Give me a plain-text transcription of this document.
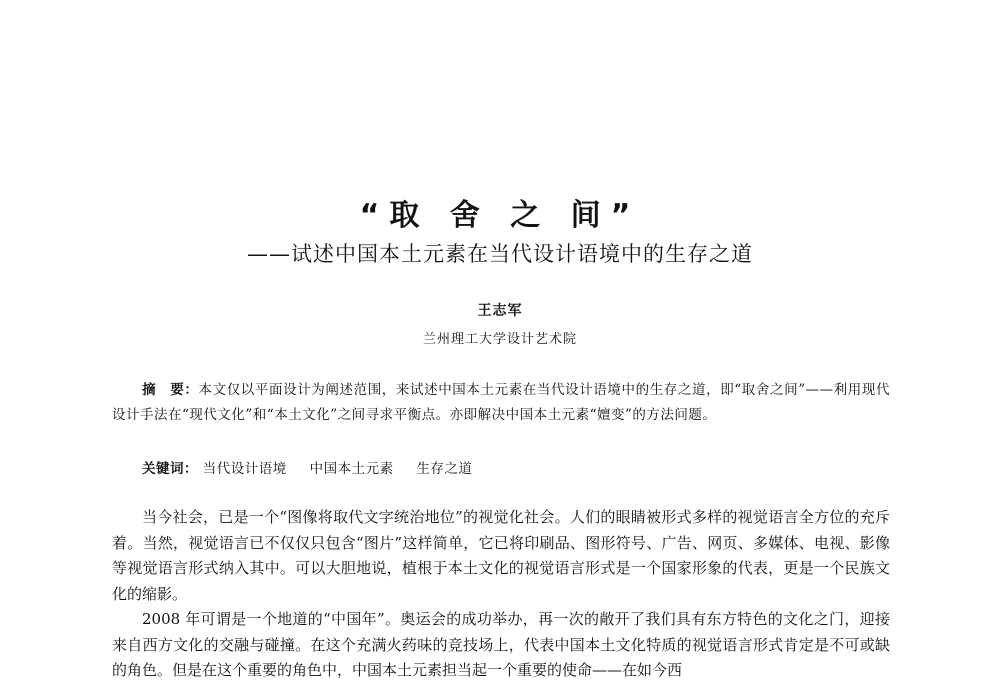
“取 舍 之 间”
——试述中国本土元素在当代设计语境中的生存之道
王志军
兰州理工大学设计艺术院

摘　要：本文仅以平面设计为阐述范围，来试述中国本土元素在当代设计语境中的生存之道，即“取舍之间”——利用现代设计手法在“现代文化”和“本土文化”之间寻求平衡点。亦即解决中国本土元素“嬗变”的方法问题。

关键词： 当代设计语境 中国本土元素 生存之道

当今社会，已是一个“图像将取代文字统治地位”的视觉化社会。人们的眼睛被形式多样的视觉语言全方位的充斥着。当然，视觉语言已不仅仅只包含“图片”这样简单，它已将印刷品、图形符号、广告、网页、多媒体、电视、影像等视觉语言形式纳入其中。可以大胆地说，植根于本土文化的视觉语言形式是一个国家形象的代表，更是一个民族文化的缩影。

2008 年可谓是一个地道的“中国年”。奥运会的成功举办，再一次的敞开了我们具有东方特色的文化之门，迎接来自西方文化的交融与碰撞。在这个充满火药味的竞技场上，代表中国本土文化特质的视觉语言形式肯定是不可或缺的角色。但是在这个重要的角色中，中国本土元素担当起一个重要的使命——在如今西
